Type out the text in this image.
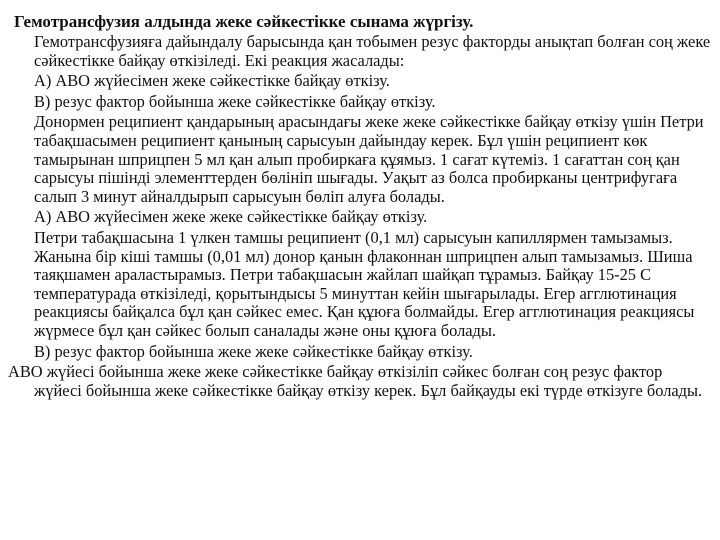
Гемотрансфузия алдында жеке сәйкестікке сынама жүргізу.
Гемотрансфузияға дайындалу барысында қан тобымен резус факторды анықтап болған соң жеке сәйкестікке байқау өткізіледі. Екі реакция жасалады:
А) АВО жүйесімен жеке сәйкестікке байқау өткізу.
В) резус фактор бойынша жеке сәйкестікке байқау өткізу.
Донормен реципиент қандарының арасындағы жеке жеке сәйкестікке байқау өткізу үшін Петри табақшасымен реципиент қанының сарысуын дайындау керек. Бұл үшін реципиент көк тамырынан шприцпен 5 мл қан алып пробиркаға құямыз. 1 сағат күтеміз. 1 сағаттан соң қан сарысуы пішінді элементтерден бөлініп шығады. Уақыт аз болса пробирканы центрифугаға салып 3 минут айналдырып сарысуын бөліп алуға болады.
А) АВО жүйесімен жеке жеке сәйкестікке байқау өткізу.
Петри табақшасына 1 үлкен тамшы реципиент (0,1 мл) сарысуын капиллярмен тамызамыз. Жанына бір кіші тамшы (0,01 мл) донор қанын флаконнан шприцпен алып тамызамыз. Шиша таяқшамен араластырамыз. Петри табақшасын жайлап шайқап тұрамыз. Байқау 15-25 С температурада өткізіледі, қорытындысы 5 минуттан кейін шығарылады. Егер агглютинация реакциясы байқалса бұл қан сәйкес емес. Қан құюға болмайды. Егер агглютинация реакциясы жүрмесе бұл қан сәйкес болып саналады және оны құюға болады.
В) резус фактор бойынша жеке жеке сәйкестікке байқау өткізу.
АВО жүйесі бойынша жеке жеке сәйкестікке байқау өткізіліп сәйкес болған соң резус фактор жүйесі бойынша жеке сәйкестікке байқау өткізу керек. Бұл байқауды екі түрде өткізуге болады.
